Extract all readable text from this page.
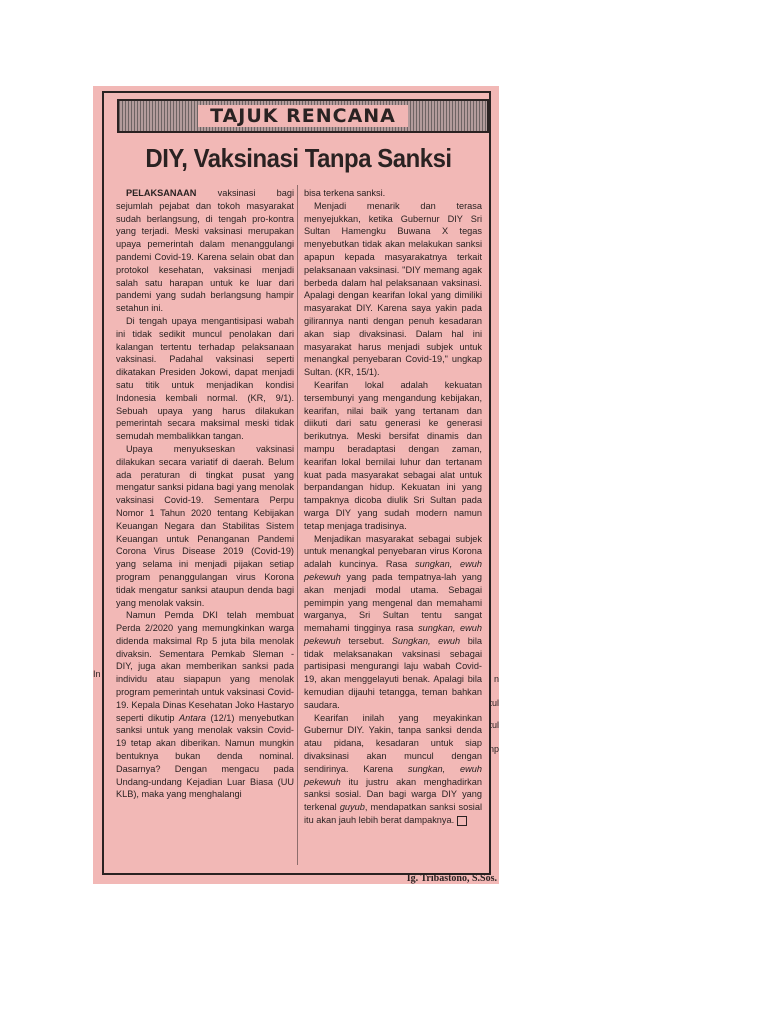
TAJUK RENCANA
DIY, Vaksinasi Tanpa Sanksi

PELAKSANAAN vaksinasi bagi sejumlah pejabat dan tokoh masyarakat sudah berlangsung, di tengah pro-kontra yang terjadi. Meski vaksinasi merupakan upaya pemerintah dalam menanggulangi pandemi Covid-19. Karena selain obat dan protokol kesehatan, vaksinasi menjadi salah satu harapan untuk ke luar dari pandemi yang sudah berlangsung hampir setahun ini.

Di tengah upaya mengantisipasi wabah ini tidak sedikit muncul penolakan dari kalangan tertentu terhadap pelaksanaan vaksinasi. Padahal vaksinasi seperti dikatakan Presiden Jokowi, dapat menjadi satu titik untuk menjadikan kondisi Indonesia kembali normal. (KR, 9/1). Sebuah upaya yang harus dilakukan pemerintah secara maksimal meski tidak semudah membalikkan tangan.

Upaya menyukseskan vaksinasi dilakukan secara variatif di daerah. Belum ada peraturan di tingkat pusat yang mengatur sanksi pidana bagi yang menolak vaksinasi Covid-19. Sementara Perpu Nomor 1 Tahun 2020 tentang Kebijakan Keuangan Negara dan Stabilitas Sistem Keuangan untuk Penanganan Pandemi Corona Virus Disease 2019 (Covid-19) yang selama ini menjadi pijakan setiap program penanggulangan virus Korona tidak mengatur sanksi ataupun denda bagi yang menolak vaksin.

Namun Pemda DKI telah membuat Perda 2/2020 yang memungkinkan warga didenda maksimal Rp 5 juta bila menolak divaksin. Sementara Pemkab Sleman - DIY, juga akan memberikan sanksi pada individu atau siapapun yang menolak program pemerintah untuk vaksinasi Covid-19. Kepala Dinas Kesehatan Joko Hastaryo seperti dikutip Antara (12/1) menyebutkan sanksi untuk yang menolak vaksin Covid-19 tetap akan diberikan. Namun mungkin bentuknya bukan denda nominal. Dasarnya? Dengan mengacu pada Undang-undang Kejadian Luar Biasa (UU KLB), maka yang menghalangi

bisa terkena sanksi.

Menjadi menarik dan terasa menyejukkan, ketika Gubernur DIY Sri Sultan Hamengku Buwana X tegas menyebutkan tidak akan melakukan sanksi apapun kepada masyarakatnya terkait pelaksanaan vaksinasi. "DIY memang agak berbeda dalam hal pelaksanaan vaksinasi. Apalagi dengan kearifan lokal yang dimiliki masyarakat DIY. Karena saya yakin pada gilirannya nanti dengan penuh kesadaran akan siap divaksinasi. Dalam hal ini masyarakat harus menjadi subjek untuk menangkal penyebaran Covid-19," ungkap Sultan. (KR, 15/1).

Kearifan lokal adalah kekuatan tersembunyi yang mengandung kebijakan, kearifan, nilai baik yang tertanam dan diikuti dari satu generasi ke generasi berikutnya. Meski bersifat dinamis dan mampu beradaptasi dengan zaman, kearifan lokal bernilai luhur dan tertanam kuat pada masyarakat sebagai alat untuk berpandangan hidup. Kekuatan ini yang tampaknya dicoba diulik Sri Sultan pada warga DIY yang sudah modern namun tetap menjaga tradisinya.

Menjadikan masyarakat sebagai subjek untuk menangkal penyebaran virus Korona adalah kuncinya. Rasa sungkan, ewuh pekewuh yang pada tempatnya-lah yang akan menjadi modal utama. Sebagai pemimpin yang mengenal dan memahami warganya, Sri Sultan tentu sangat memahami tingginya rasa sungkan, ewuh pekewuh tersebut. Sungkan, ewuh bila tidak melaksanakan vaksinasi sebagai partisipasi mengurangi laju wabah Covid-19, akan menggelayuti benak. Apalagi bila kemudian dijauhi tetangga, teman bahkan saudara.

Kearifan inilah yang meyakinkan Gubernur DIY. Yakin, tanpa sanksi denda atau pidana, kesadaran untuk siap divaksinasi akan muncul dengan sendirinya. Karena sungkan, ewuh pekewuh itu justru akan menghadirkan sanksi sosial. Dan bagi warga DIY yang terkenal guyub, mendapatkan sanksi sosial itu akan jauh lebih berat dampaknya.

In	n
tul
tul
np
Ig. Tribastono, S.Sos.
